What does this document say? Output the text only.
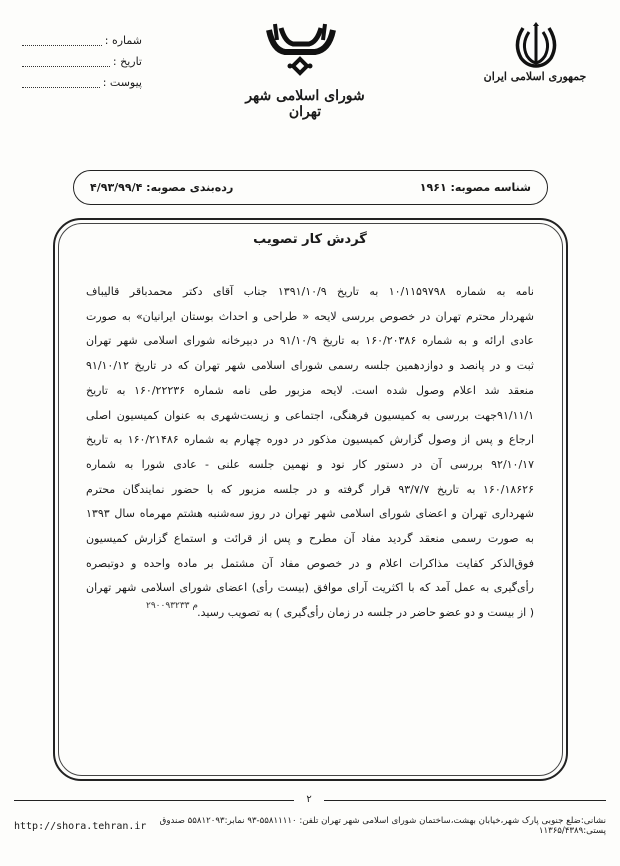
شماره :
تاریخ :
پیوست :
شورای اسلامی شهر تهران
جمهوری اسلامی ایران
شناسه مصوبه: ۱۹۶۱
رده‌بندی مصوبه: ۴/۹۳/۹۹/۴
گردش کار تصویب

نامه به شماره ۱۰/۱۱۵۹۷۹۸ به تاریخ ۱۳۹۱/۱۰/۹ جناب آقای دکتر محمدباقر قالیباف

شهردار محترم تهران در خصوص بررسی لایحه « طراحی و احداث بوستان ایرانیان» به صورت

عادی ارائه و به شماره ۱۶۰/۲۰۳۸۶ به تاریخ ۹۱/۱۰/۹ در دبیرخانه شورای اسلامی شهر تهران

ثبت و در پانصد و دوازدهمین جلسه رسمی شورای اسلامی شهر تهران که در تاریخ ۹۱/۱۰/۱۲

منعقد شد اعلام وصول شده است. لایحه مزبور طی نامه شماره ۱۶۰/۲۲۲۳۶ به تاریخ

۹۱/۱۱/۱جهت بررسی به کمیسیون فرهنگی، اجتماعی و زیست‌شهری به عنوان کمیسیون اصلی

ارجاع و پس از وصول گزارش کمیسیون مذکور در دوره چهارم به شماره ۱۶۰/۲۱۴۸۶ به تاریخ

۹۲/۱۰/۱۷ بررسی آن در دستور کار نود و نهمین جلسه علنی - عادی شورا به شماره

۱۶۰/۱۸۶۲۶ به تاریخ ۹۳/۷/۷ قرار گرفته و در جلسه مزبور که با حضور نمایندگان محترم

شهرداری تهران و اعضای شورای اسلامی شهر تهران در روز سه‌شنبه هشتم مهرماه سال ۱۳۹۳

به صورت رسمی منعقد گردید مفاد آن مطرح و پس از قرائت و استماع گزارش کمیسیون

فوق‌الذکر کفایت مذاکرات اعلام و در خصوص مفاد آن مشتمل بر ماده واحده و دوتبصره

رأی‌گیری به عمل آمد که با اکثریت آرای موافق (بیست رأی) اعضای شورای اسلامی شهر تهران

( از بیست و دو عضو حاضر در جلسه در زمان رأی‌گیری ) به تصویب رسید.

م ۲۹۰۰۹۳۲۳۳
۲
http://shora.tehran.ir	نشانی:ضلع جنوبی پارک شهر،خیابان بهشت،ساختمان شورای اسلامی شهر تهران تلفن: ۵۵۸۱۱۱۱۰-۹۳ نمابر:۵۵۸۱۲۰۹۳ صندوق پستی:۱۱۳۶۵/۴۳۸۹
